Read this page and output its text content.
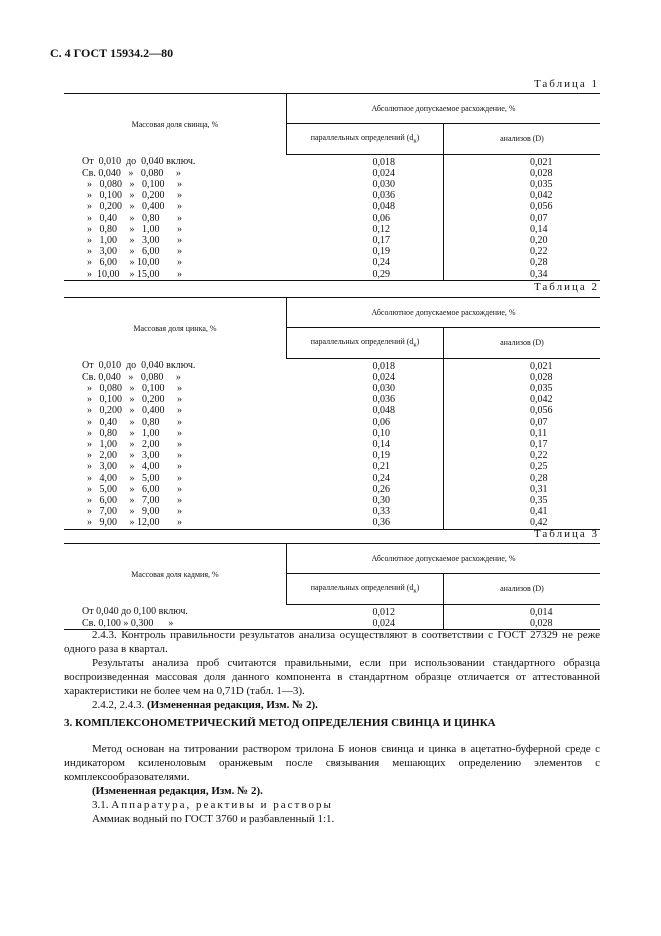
С. 4 ГОСТ 15934.2—80
Таблица 1
Массовая доля свинца, %	Абсолютное допускаемое расхождение, %	
	параллельных определений $(d_к)$	анализов (D)
От  0,010  до  0,040 включ.	0,018	0,021
Св. 0,040   »   0,080     »	0,024	0,028
»   0,080   »   0,100     »	0,030	0,035
»   0,100   »   0,200     »	0,036	0,042
»   0,200   »   0,400     »	0,048	0,056
»   0,40     »   0,80       »	0,06	0,07
»   0,80     »   1,00       »	0,12	0,14
»   1,00     »   3,00       »	0,17	0,20
»   3,00     »   6,00       »	0,19	0,22
»   6,00     » 10,00       »	0,24	0,28
»  10,00    » 15,00       »	0,29	0,34
Таблица 2
Массовая доля цинка, %	Абсолютное допускаемое расхождение, %	
	параллельных определений $(d_к)$	анализов (D)
От  0,010  до  0,040 включ.	0,018	0,021
Св. 0,040   »   0,080     »	0,024	0,028
»   0,080   »   0,100     »	0,030	0,035
»   0,100   »   0,200     »	0,036	0,042
»   0,200   »   0,400     »	0,048	0,056
»   0,40     »   0,80       »	0,06	0,07
»   0,80     »   1,00       »	0,10	0,11
»   1,00     »   2,00       »	0,14	0,17
»   2,00     »   3,00       »	0,19	0,22
»   3,00     »   4,00       »	0,21	0,25
»   4,00     »   5,00       »	0,24	0,28
»   5,00     »   6,00       »	0,26	0,31
»   6,00     »   7,00       »	0,30	0,35
»   7,00     »   9,00       »	0,33	0,41
»   9,00     » 12,00       »	0,36	0,42
Таблица 3
Массовая доля кадмия, %	Абсолютное допускаемое расхождение, %	
	параллельных определений $(d_к)$	анализов (D)
От 0,040 до 0,100 включ.	0,012	0,014
Св. 0,100 » 0,300      »	0,024	0,028

2.4.3. Контроль правильности результатов анализа осуществляют в соответствии с ГОСТ 27329 не реже одного раза в квартал.

Результаты анализа проб считаются правильными, если при использовании стандартного образца воспроизведенная массовая доля данного компонента в стандартном образце отличается от аттестованной характеристики не более чем на 0,71D (табл. 1—3).

2.4.2, 2.4.3. (Измененная редакция, Изм. № 2).

3. КОМПЛЕКСОНОМЕТРИЧЕСКИЙ МЕТОД ОПРЕДЕЛЕНИЯ СВИНЦА И ЦИНКА

Метод основан на титровании раствором трилона Б ионов свинца и цинка в ацетатно-буферной среде с индикатором ксиленоловым оранжевым после связывания мешающих определению элементов с комплексообразователями.

(Измененная редакция, Изм. № 2).

3.1. Аппаратура, реактивы и растворы

Аммиак водный по ГОСТ 3760 и разбавленный 1:1.
